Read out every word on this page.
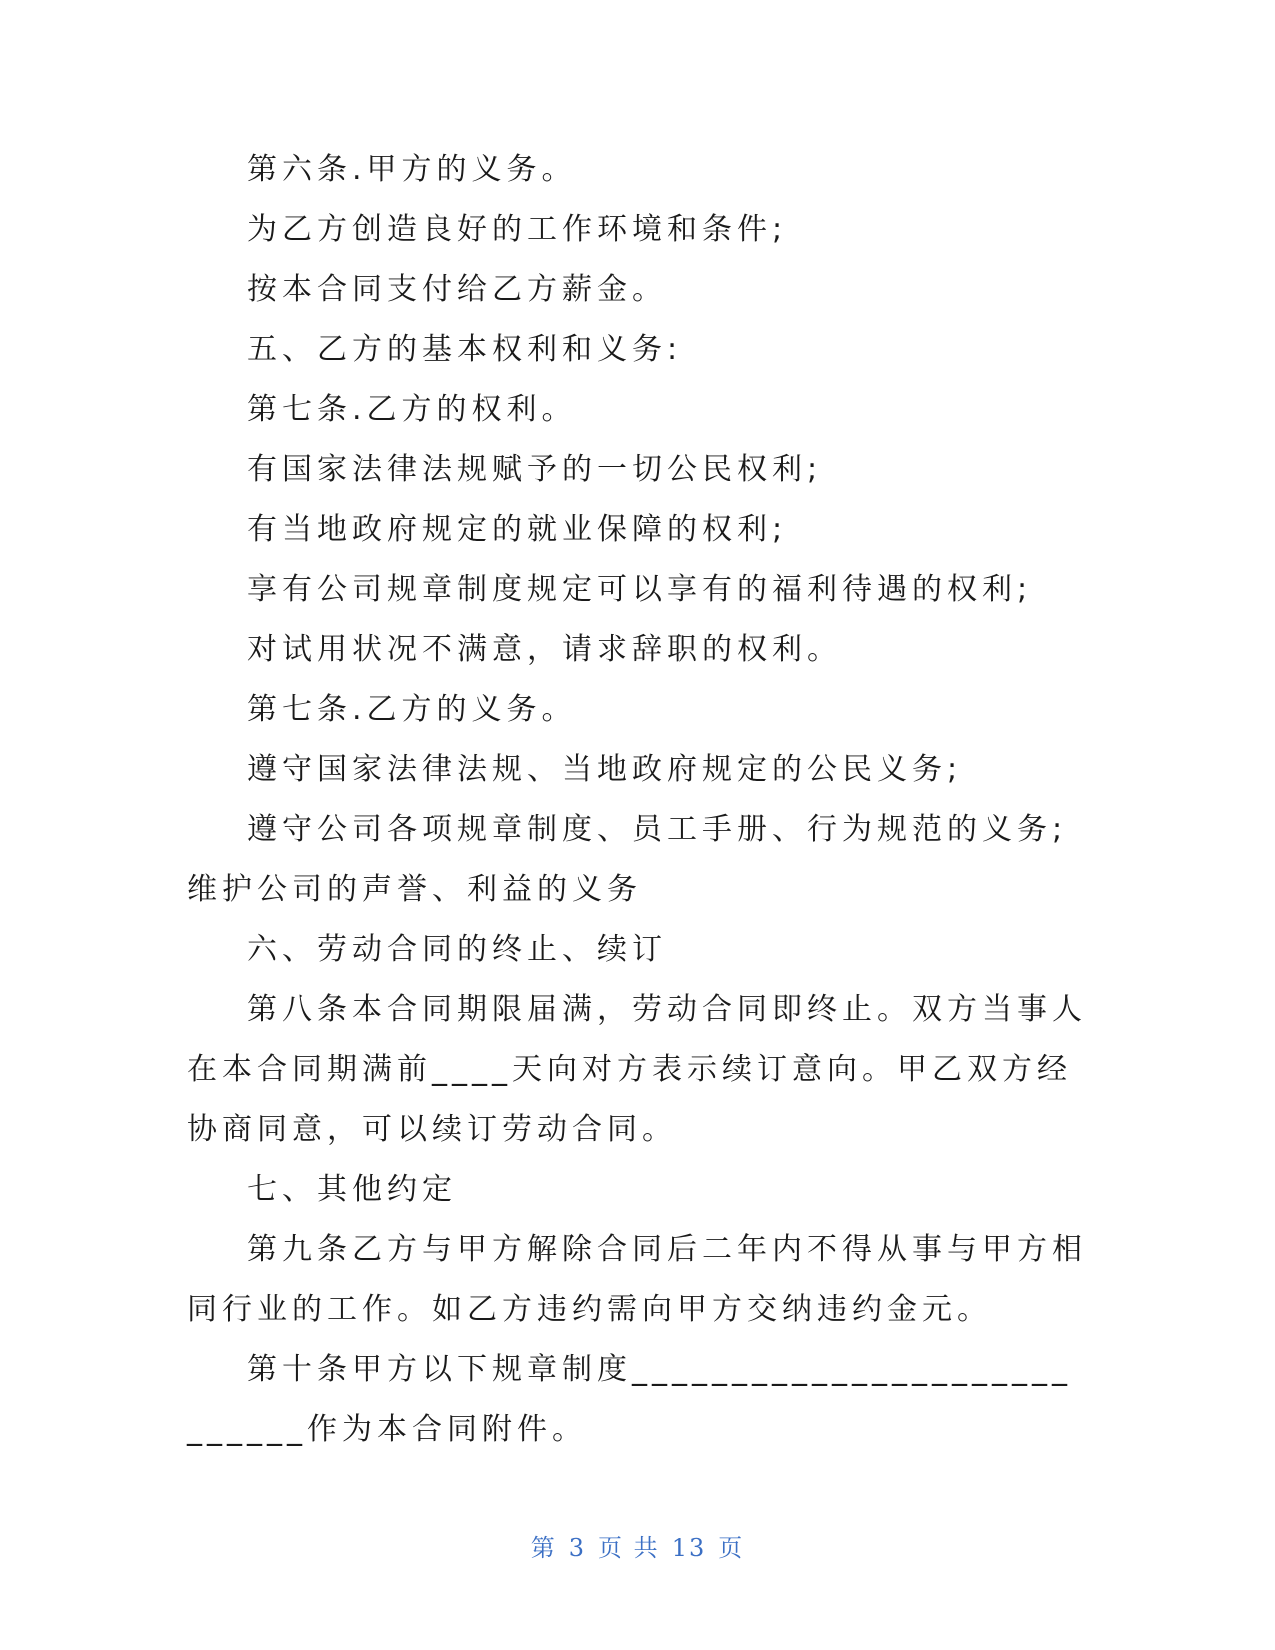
第六条.甲方的义务。

为乙方创造良好的工作环境和条件;

按本合同支付给乙方薪金。

五、乙方的基本权利和义务:

第七条.乙方的权利。

有国家法律法规赋予的一切公民权利;

有当地政府规定的就业保障的权利;

享有公司规章制度规定可以享有的福利待遇的权利;

对试用状况不满意，请求辞职的权利。

第七条.乙方的义务。

遵守国家法律法规、当地政府规定的公民义务;

遵守公司各项规章制度、员工手册、行为规范的义务;维护公司的声誉、利益的义务

六、劳动合同的终止、续订

第八条本合同期限届满，劳动合同即终止。双方当事人在本合同期满前____天向对方表示续订意向。甲乙双方经协商同意，可以续订劳动合同。

七、其他约定

第九条乙方与甲方解除合同后二年内不得从事与甲方相同行业的工作。如乙方违约需向甲方交纳违约金元。

第十条甲方以下规章制度____________________________作为本合同附件。

第 3 页 共 13 页
